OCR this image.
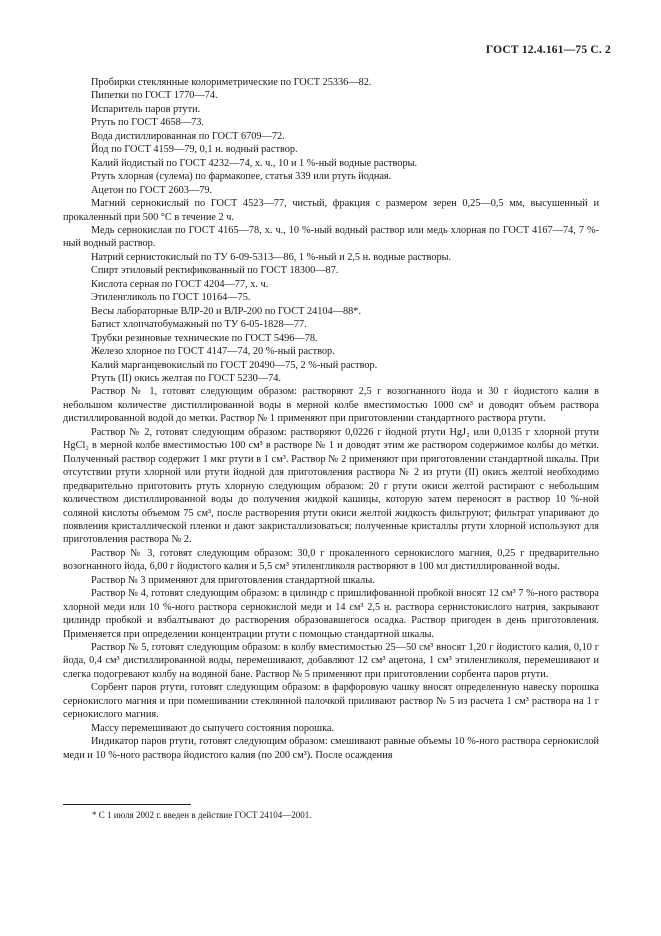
ГОСТ 12.4.161—75 С. 2

Пробирки стеклянные колориметрические по ГОСТ 25336—82.

Пипетки по ГОСТ 1770—74.

Испаритель паров ртути.

Ртуть по ГОСТ 4658—73.

Вода дистиллированная по ГОСТ 6709—72.

Йод по ГОСТ 4159—79, 0,1 н. водный раствор.

Калий йодистый по ГОСТ 4232—74, х. ч., 10 и 1 %-ный водные растворы.

Ртуть хлорная (сулема) по фармакопее, статья 339 или ртуть йодная.

Ацетон по ГОСТ 2603—79.

Магний сернокислый по ГОСТ 4523—77, чистый, фракция с размером зерен 0,25—0,5 мм, высушенный и прокаленный при 500 °С в течение 2 ч.

Медь сернокислая по ГОСТ 4165—78, х. ч., 10 %-ный водный раствор или медь хлорная по ГОСТ 4167—74, 7 %-ный водный раствор.

Натрий сернистокислый по ТУ 6-09-5313—86, 1 %-ный и 2,5 н. водные растворы.

Спирт этиловый ректификованный по ГОСТ 18300—87.

Кислота серная по ГОСТ 4204—77, х. ч.

Этиленгликоль по ГОСТ 10164—75.

Весы лабораторные ВЛР-20 и ВЛР-200 по ГОСТ 24104—88*.

Батист хлопчатобумажный по ТУ 6-05-1828—77.

Трубки резиновые технические по ГОСТ 5496—78.

Железо хлорное по ГОСТ 4147—74, 20 %-ный раствор.

Калий марганцевокислый по ГОСТ 20490—75, 2 %-ный раствор.

Ртуть (II) окись желтая по ГОСТ 5230—74.

Раствор № 1, готовят следующим образом: растворяют 2,5 г возогнанного йода и 30 г йодистого калия в небольшом количестве дистиллированной воды в мерной колбе вместимостью 1000 см³ и доводят объем раствора дистиллированной водой до метки. Раствор № 1 применяют при приготовлении стандартного раствора ртути.

Раствор № 2, готовят следующим образом: растворяют 0,0226 г йодной ртути HgJ₂ или 0,0135 г хлорной ртути HgCl₂ в мерной колбе вместимостью 100 см³ в растворе № 1 и доводят этим же раствором содержимое колбы до метки. Полученный раствор содержит 1 мкг ртути в 1 см³. Раствор № 2 применяют при приготовлении стандартной шкалы. При отсутствии ртути хлорной или ртути йодной для приготовления раствора № 2 из ртути (II) окись желтой необходимо предварительно приготовить ртуть хлорную следующим образом: 20 г ртути окиси желтой растирают с небольшим количеством дистиллированной воды до получения жидкой кашицы, которую затем переносят в раствор 10 %-ной соляной кислоты объемом 75 см³, после растворения ртути окиси желтой жидкость фильтруют; фильтрат упаривают до появления кристаллической пленки и дают закристаллизоваться; полученные кристаллы ртути хлорной используют для приготовления раствора № 2.

Раствор № 3, готовят следующим образом: 30,0 г прокаленного сернокислого магния, 0,25 г предварительно возогнанного йода, 6,00 г йодистого калия и 5,5 см³ этиленгликоля растворяют в 100 мл дистиллированной воды.

Раствор № 3 применяют для приготовления стандартной шкалы.

Раствор № 4, готовят следующим образом: в цилиндр с пришлифованной пробкой вносят 12 см³ 7 %-ного раствора хлорной меди или 10 %-ного раствора сернокислой меди и 14 см³ 2,5 н. раствора сернистокислого натрия, закрывают цилиндр пробкой и взбалтывают до растворения образовавшегося осадка. Раствор пригоден в день приготовления. Применяется при определении концентрации ртути с помощью стандартной шкалы.

Раствор № 5, готовят следующим образом: в колбу вместимостью 25—50 см³ вносят 1,20 г йодистого калия, 0,10 г йода, 0,4 см³ дистиллированной воды, перемешивают, добавляют 12 см³ ацетона, 1 см³ этиленгликоля, перемешивают и слегка подогревают колбу на водяной бане. Раствор № 5 применяют при приготовлении сорбента паров ртути.

Сорбент паров ртути, готовят следующим образом: в фарфоровую чашку вносят определенную навеску порошка сернокислого магния и при помешивании стеклянной палочкой приливают раствор № 5 из расчета 1 см³ раствора на 1 г сернокислого магния.

Массу перемешивают до сыпучего состояния порошка.

Индикатор паров ртути, готовят следующим образом: смешивают равные объемы 10 %-ного раствора сернокислой меди и 10 %-ного раствора йодистого калия (по 200 см³). После осаждения

* С 1 июля 2002 г. введен в действие ГОСТ 24104—2001.
